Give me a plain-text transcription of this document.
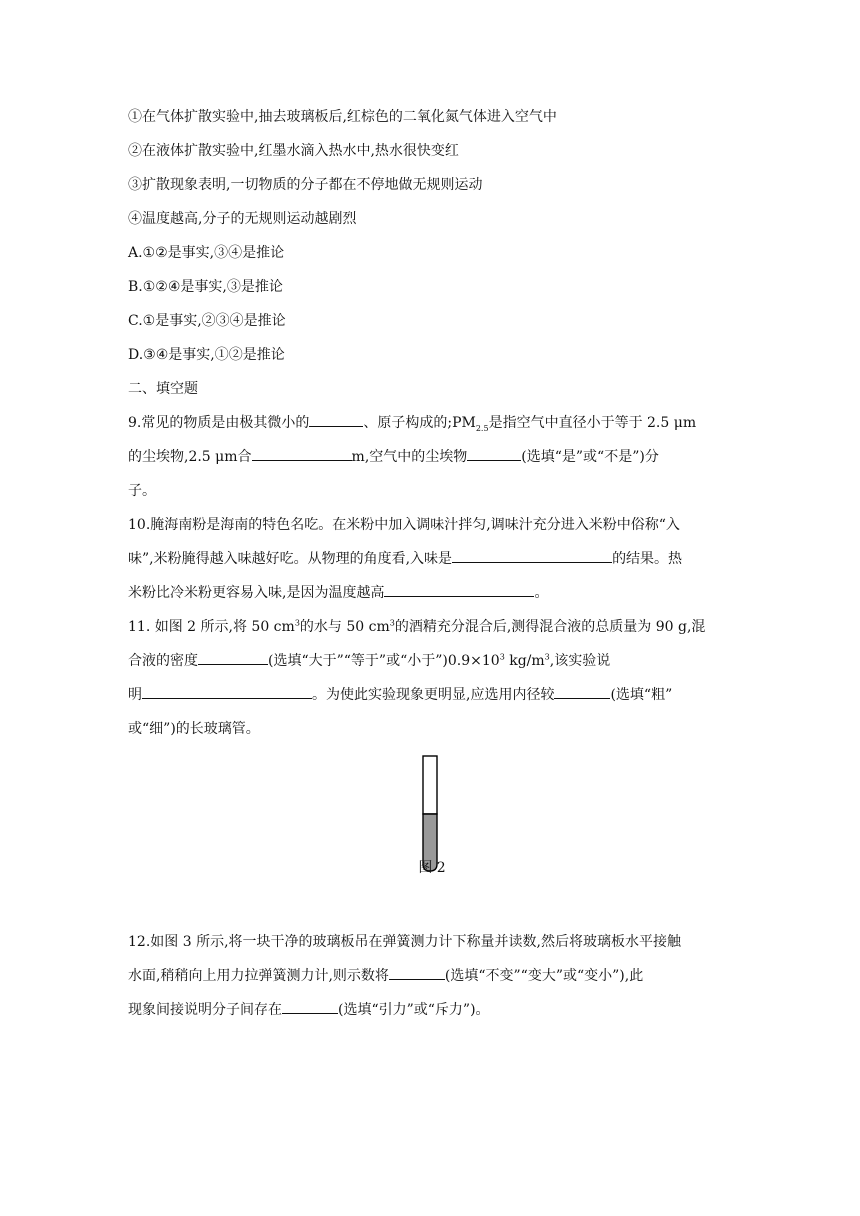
①在气体扩散实验中,抽去玻璃板后,红棕色的二氧化氮气体进入空气中
②在液体扩散实验中,红墨水滴入热水中,热水很快变红
③扩散现象表明,一切物质的分子都在不停地做无规则运动
④温度越高,分子的无规则运动越剧烈
A.①②是事实,③④是推论
B.①②④是事实,③是推论
C.①是事实,②③④是推论
D.③④是事实,①②是推论
二、填空题
9.常见的物质是由极其微小的	、原子构成的$;PM_{2.5}$是指空气中直径小于等于 2.5 μm
的尘埃物,2.5 μm合	m,空气中的尘埃物	(选填“是”或“不是”)分
子。
10.腌海南粉是海南的特色名吃。在米粉中加入调味汁拌匀,调味汁充分进入米粉中俗称“入
味”,米粉腌得越入味越好吃。从物理的角度看,入味是	的结果。热
米粉比冷米粉更容易入味,是因为温度越高	。
11. 如图 2 所示,将 50 $cm^3$的水与 50 $cm^3$的酒精充分混合后,测得混合液的总质量为 90 g,混
合液的密度	(选填“大于”“等于”或“小于$”)0.9\times 10^3$ $kg/m^3$,该实验说
明	。为使此实验现象更明显,应选用内径较	(选填“粗”
或“细”)的长玻璃管。
图 2
12.如图 3 所示,将一块干净的玻璃板吊在弹簧测力计下称量并读数,然后将玻璃板水平接触
水面,稍稍向上用力拉弹簧测力计,则示数将	(选填“不变”“变大”或“变小”),此
现象间接说明分子间存在	(选填“引力”或“斥力”)。
